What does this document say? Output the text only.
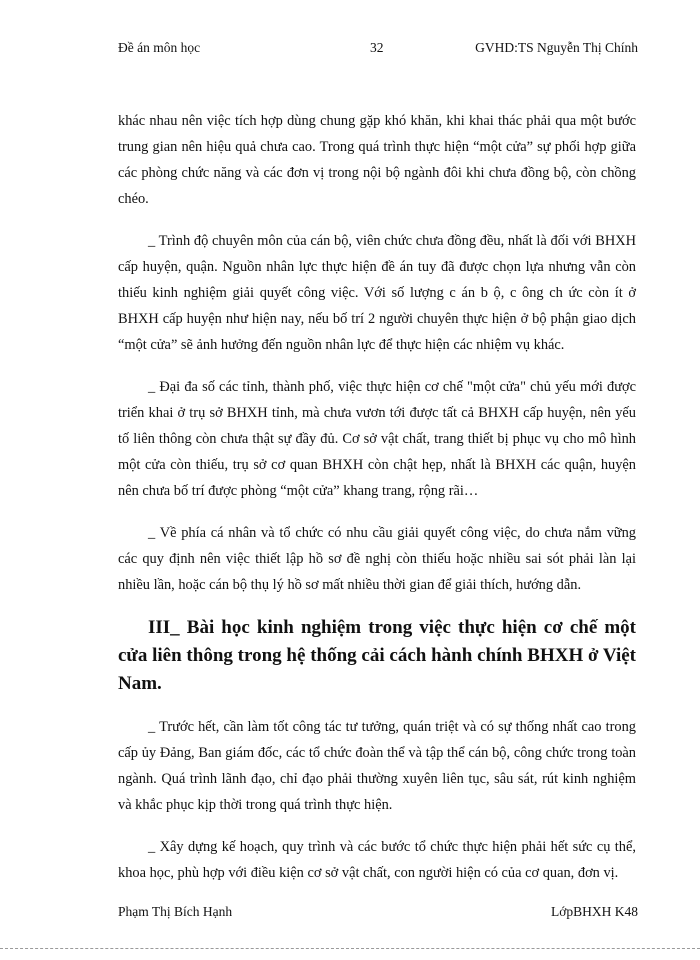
Đề án môn học	32	GVHD:TS Nguyễn Thị Chính

khác nhau nên việc tích hợp dùng chung gặp khó khăn, khi khai thác phải qua một bước trung gian nên hiệu quả chưa cao. Trong quá trình thực hiện “một cửa” sự phối hợp giữa các phòng chức năng và các đơn vị trong nội bộ ngành đôi khi chưa đồng bộ, còn chồng chéo.

_ Trình độ chuyên môn của cán bộ, viên chức chưa đồng đều, nhất là đối với BHXH cấp huyện, quận. Nguồn nhân lực thực hiện đề án tuy đã được chọn lựa nhưng vẫn còn thiếu kinh nghiệm giải quyết công việc. Với số lượng c án b ộ, c ông ch ức còn ít ở BHXH cấp huyện như hiện nay, nếu bố trí 2 người chuyên thực hiện ở bộ phận giao dịch “một cửa” sẽ ảnh hưởng đến nguồn nhân lực để thực hiện các nhiệm vụ khác.

_ Đại đa số các tỉnh, thành phố, việc thực hiện cơ chế "một cửa" chủ yếu mới được triển khai ở trụ sở BHXH tỉnh, mà chưa vươn tới được tất cả BHXH cấp huyện, nên yếu tố liên thông còn chưa thật sự đầy đủ. Cơ sở vật chất, trang thiết bị phục vụ cho mô hình một cửa còn thiếu, trụ sở cơ quan BHXH còn chật hẹp, nhất là BHXH các quận, huyện nên chưa bố trí được phòng “một cửa” khang trang, rộng rãi…

_ Về phía cá nhân và tổ chức có nhu cầu giải quyết công việc, do chưa nắm vững các quy định nên việc thiết lập hồ sơ đề nghị còn thiếu hoặc nhiều sai sót phải làn lại nhiều lần, hoặc cán bộ thụ lý hồ sơ mất nhiều thời gian để giải thích, hướng dẫn.

III_ Bài học kinh nghiệm trong việc thực hiện cơ chế một cửa liên thông trong hệ thống cải cách hành chính BHXH ở Việt Nam.

_ Trước hết, cần làm tốt công tác tư tưởng, quán triệt và có sự thống nhất cao trong cấp ủy Đảng, Ban giám đốc, các tổ chức đoàn thể và tập thể cán bộ, công chức trong toàn ngành. Quá trình lãnh đạo, chỉ đạo phải thường xuyên liên tục, sâu sát, rút kinh nghiệm và khắc phục kịp thời trong quá trình thực hiện.

_ Xây dựng kế hoạch, quy trình và các bước tổ chức thực hiện phải hết sức cụ thể, khoa học, phù hợp với điều kiện cơ sở vật chất, con người hiện có của cơ quan, đơn vị.

Phạm Thị Bích Hạnh	LớpBHXH K48
